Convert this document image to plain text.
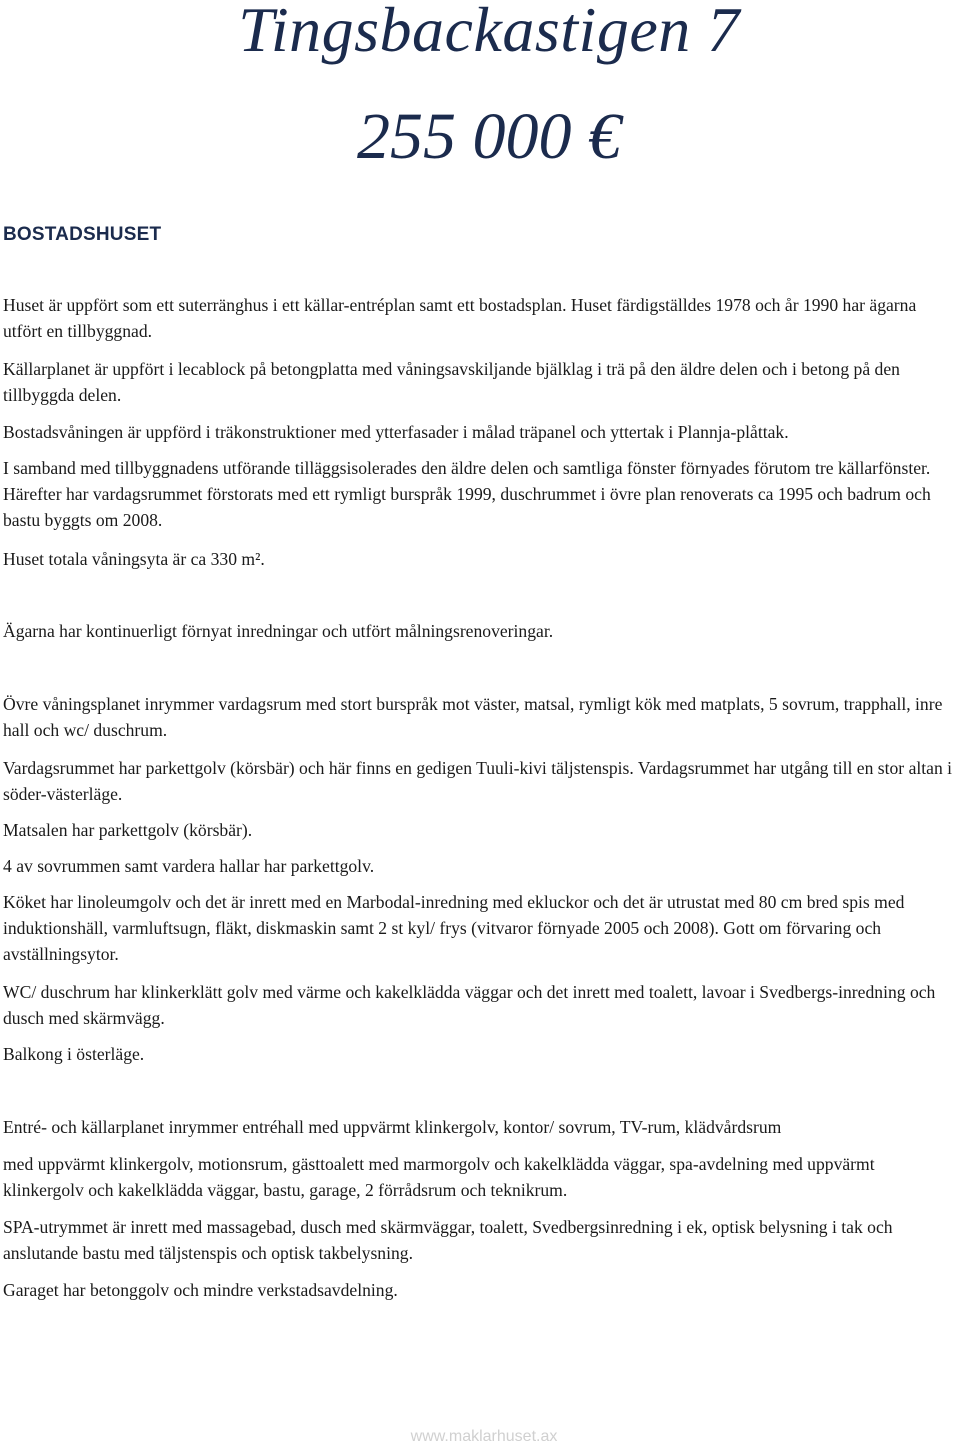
Tingsbackastigen 7
255 000 €
BOSTADSHUSET

Huset är uppfört som ett suterränghus i ett källar-entréplan samt ett bostadsplan. Huset färdigställdes 1978 och år 1990 har ägarna utfört en tillbyggnad.

Källarplanet är uppfört i lecablock på betongplatta med våningsavskiljande bjälklag i trä på den äldre delen och i betong på den tillbyggda delen.

Bostadsvåningen är uppförd i träkonstruktioner med ytterfasader i målad träpanel och yttertak i Plannja-plåttak.

I samband med tillbyggnadens utförande tilläggsisolerades den äldre delen och samtliga fönster förnyades förutom tre källarfönster. Härefter har vardagsrummet förstorats med ett rymligt burspråk 1999, duschrummet i övre plan renoverats ca 1995 och badrum och bastu byggts om 2008.

Huset totala våningsyta är ca 330 m².

Ägarna har kontinuerligt förnyat inredningar och utfört målningsrenoveringar.

Övre våningsplanet inrymmer vardagsrum med stort burspråk mot väster, matsal, rymligt kök med matplats, 5 sovrum, trapphall, inre hall och wc/ duschrum.

Vardagsrummet har parkettgolv (körsbär) och här finns en gedigen Tuuli-kivi täljstenspis. Vardagsrummet har utgång till en stor altan i söder-västerläge.

Matsalen har parkettgolv (körsbär).

4 av sovrummen samt vardera hallar har parkettgolv.

Köket har linoleumgolv och det är inrett med en Marbodal-inredning med ekluckor och det är utrustat med 80 cm bred spis med induktionshäll, varmluftsugn, fläkt, diskmaskin samt 2 st kyl/ frys (vitvaror förnyade 2005 och 2008). Gott om förvaring och avställningsytor.

WC/ duschrum har klinkerklätt golv med värme och kakelklädda väggar och det inrett med toalett, lavoar i Svedbergs-inredning och dusch med skärmvägg.

Balkong i österläge.

Entré- och källarplanet inrymmer entréhall med uppvärmt klinkergolv, kontor/ sovrum, TV-rum, klädvårdsrum

med uppvärmt klinkergolv, motionsrum, gästtoalett med marmorgolv och kakelklädda väggar, spa-avdelning med uppvärmt klinkergolv och kakelklädda väggar, bastu, garage, 2 förrådsrum och teknikrum.

SPA-utrymmet är inrett med massagebad, dusch med skärmväggar, toalett, Svedbergsinredning i ek, optisk belysning i tak och anslutande bastu med täljstenspis och optisk takbelysning.

Garaget har betonggolv och mindre verkstadsavdelning.

www.maklarhuset.ax
